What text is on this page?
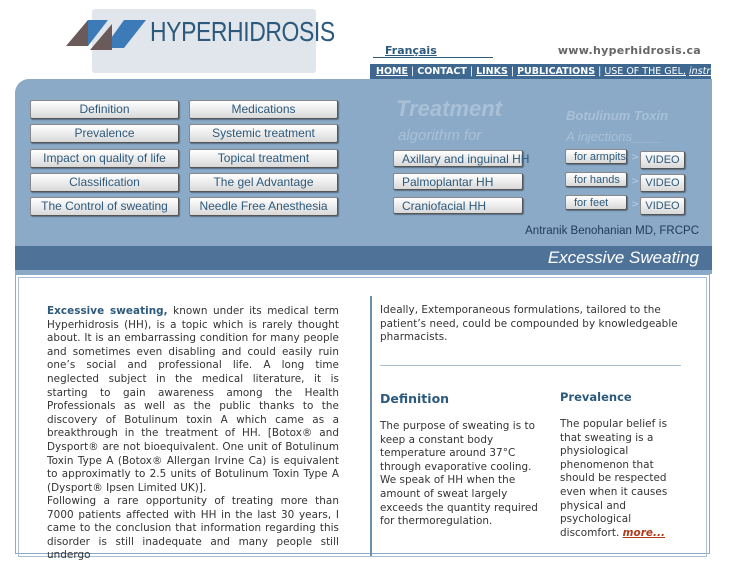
HYPERHIDROSIS
Français	www.hyperhidrosis.ca
HOME | CONTACT | LINKS | PUBLICATIONS | USE OF THE GEL, instructions
Definition
Prevalence
Impact on quality of life
Classification
The Control of sweating
Medications
Systemic treatment
Topical treatment
The gel Advantage
Needle Free Anesthesia
Treatment
algorithm for
Axillary and inguinal HH
Palmoplantar HH
Craniofacial HH
Botulinum Toxin
A injections____
for armpits > VIDEO
for hands	> VIDEO
for feet	> VIDEO
Antranik Benohanian MD, FRCPC
Excessive Sweating
Excessive sweating, known under its medical term Hyperhidrosis (HH), is a topic which is rarely thought about. It is an embarrassing condition for many people and sometimes even disabling and could easily ruin one’s social and professional life. A long time neglected subject in the medical literature, it is starting to gain awareness among the Health Professionals as well as the public thanks to the discovery of Botulinum toxin A which came as a breakthrough in the treatment of HH. [Botox® and Dysport® are not bioequivalent. One unit of Botulinum Toxin Type A (Botox® Allergan Irvine Ca) is equivalent to approximatly to 2.5 units of Botulinum Toxin Type A (Dysport® Ipsen Limited UK)].
Following a rare opportunity of treating more than 7000 patients affected with HH in the last 30 years, I came to the conclusion that information regarding this disorder is still inadequate and many people still undergo
Ideally, Extemporaneous formulations, tailored to the patient’s need, could be compounded by knowledgeable pharmacists.
Definition	Prevalence
The purpose of sweating is to keep a constant body temperature around 37°C through evaporative cooling. We speak of HH when the amount of sweat largely exceeds the quantity required for thermoregulation.
The popular belief is that sweating is a physiological phenomenon that should be respected even when it causes physical and psychological discomfort. more...
